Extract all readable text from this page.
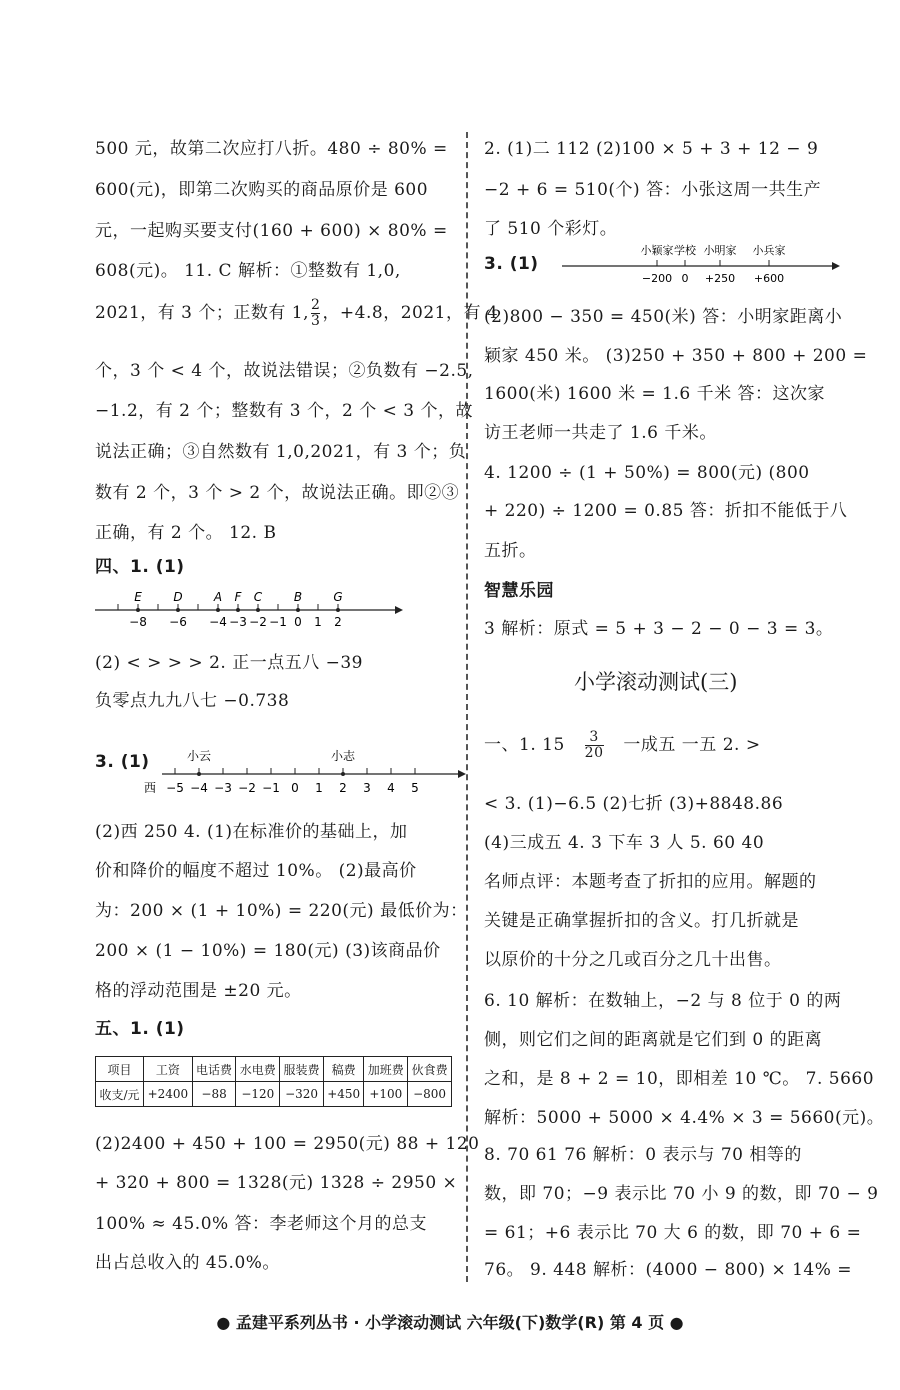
500 元，故第二次应打八折。480 ÷ 80% =
600(元)，即第二次购买的商品原价是 600
元，一起购买要支付(160 + 600) × 80% =
608(元)。 11. C 解析：①整数有 1,0,
2021，有 3 个；正数有 1, $\frac{2}{3}$ ，+4.8，2021，有 4
个，3 个 < 4 个，故说法错误；②负数有 −2.5,
−1.2，有 2 个；整数有 3 个，2 个 < 3 个，故
说法正确；③自然数有 1,0,2021，有 3 个；负
数有 2 个，3 个 > 2 个，故说法正确。即②③
正确，有 2 个。 12. B
四、1. (1)
−8 −6 −4 −3 −2 −1 0 1 2
E	D	A F C	B	G
(2) < > > > 2. 正一点五八 −39
负零点九九八七 −0.738
3. (1)
西 −5 −4 −3 −2 −1 0 1 2 3 4 5
小云	小志
(2)西 250 4. (1)在标准价的基础上，加
价和降价的幅度不超过 10%。 (2)最高价
为：200 × (1 + 10%) = 220(元) 最低价为：
200 × (1 − 10%) = 180(元) (3)该商品价
格的浮动范围是 ±20 元。
五、1. (1)
项目	工资	电话费	水电费	服装费	稿费	加班费	伙食费
收支/元	+2400	−88	−120	−320	+450	+100	−800
(2)2400 + 450 + 100 = 2950(元) 88 + 120
+ 320 + 800 = 1328(元) 1328 ÷ 2950 ×
100% ≈ 45.0% 答：李老师这个月的总支
出占总收入的 45.0%。
2. (1)二 112 (2)100 × 5 + 3 + 12 − 9
−2 + 6 = 510(个) 答：小张这周一共生产
了 510 个彩灯。
3. (1)
−200 0 +250 +600
小颖家 学校 小明家 小兵家
(2)800 − 350 = 450(米) 答：小明家距离小
颖家 450 米。 (3)250 + 350 + 800 + 200 =
1600(米) 1600 米 = 1.6 千米 答：这次家
访王老师一共走了 1.6 千米。
4. 1200 ÷ (1 + 50%) = 800(元) (800
+ 220) ÷ 1200 = 0.85 答：折扣不能低于八
五折。
智慧乐园
3 解析：原式 = 5 + 3 − 2 − 0 − 3 = 3。
小学滚动测试(三)
一、1. $15 \frac{3}{20}$ 一成五 一五 2. >
< 3. (1)−6.5 (2)七折 (3)+8848.86
(4)三成五 4. 3 下车 3 人 5. 60 40
名师点评：本题考查了折扣的应用。解题的
关键是正确掌握折扣的含义。打几折就是
以原价的十分之几或百分之几十出售。
6. 10 解析：在数轴上，−2 与 8 位于 0 的两
侧，则它们之间的距离就是它们到 0 的距离
之和，是 8 + 2 = 10，即相差 10 ℃。 7. 5660
解析：5000 + 5000 × 4.4% × 3 = 5660(元)。
8. 70 61 76 解析：0 表示与 70 相等的
数，即 70；−9 表示比 70 小 9 的数，即 70 − 9
= 61；+6 表示比 70 大 6 的数，即 70 + 6 =
76。 9. 448 解析：(4000 − 800) × 14% =
● 孟建平系列丛书 · 小学滚动测试 六年级(下)数学(R) 第 4 页 ●
